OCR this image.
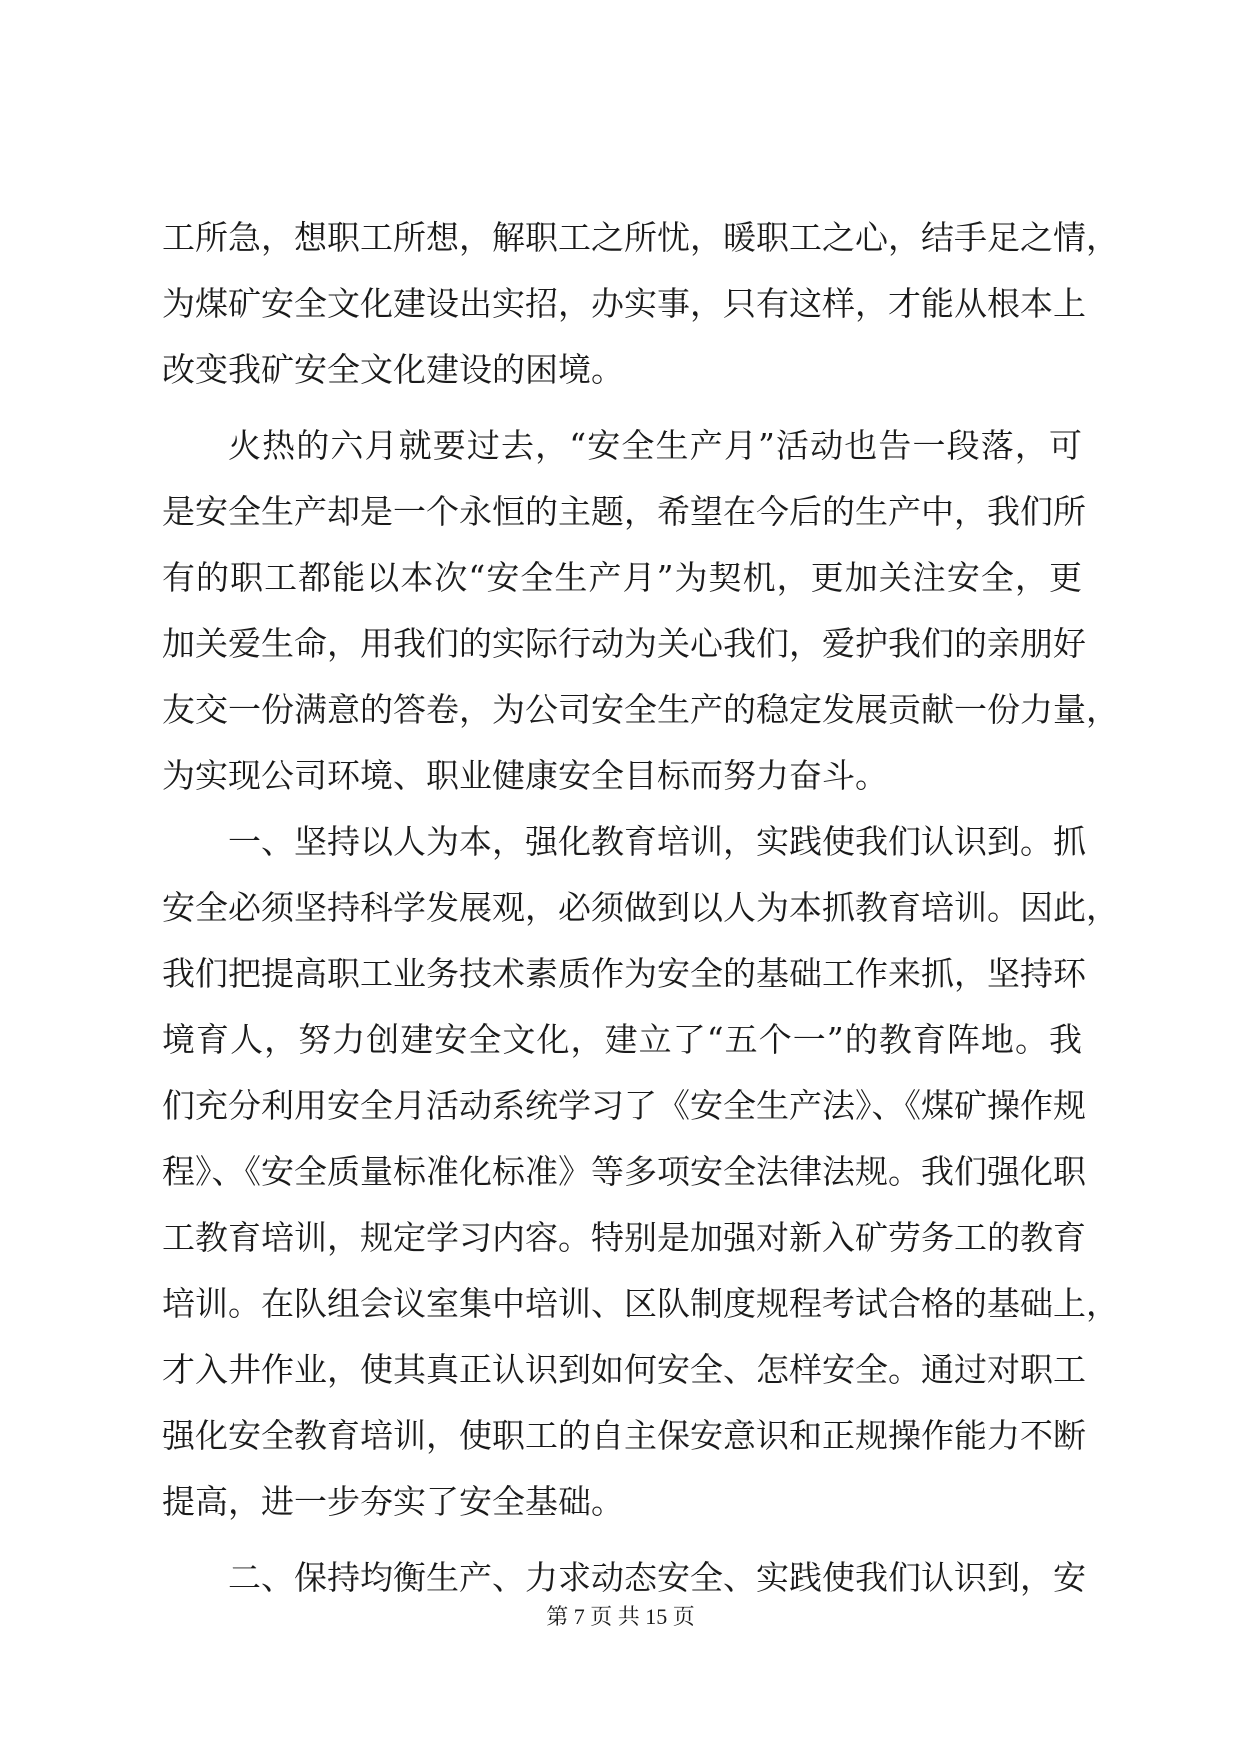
工所急，想职工所想，解职工之所忧，暖职工之心，结手足之情，
为煤矿安全文化建设出实招，办实事，只有这样，才能从根本上
改变我矿安全文化建设的困境。
火热的六月就要过去，“安全生产月”活动也告一段落，可
是安全生产却是一个永恒的主题，希望在今后的生产中，我们所
有的职工都能以本次“安全生产月”为契机，更加关注安全，更
加关爱生命，用我们的实际行动为关心我们，爱护我们的亲朋好
友交一份满意的答卷，为公司安全生产的稳定发展贡献一份力量，
为实现公司环境、职业健康安全目标而努力奋斗。
一、坚持以人为本，强化教育培训，实践使我们认识到。抓
安全必须坚持科学发展观，必须做到以人为本抓教育培训。因此，
我们把提高职工业务技术素质作为安全的基础工作来抓，坚持环
境育人，努力创建安全文化，建立了“五个一”的教育阵地。我
们充分利用安全月活动系统学习了《安全生产法》、《煤矿操作规
程》、《安全质量标准化标准》等多项安全法律法规。我们强化职
工教育培训，规定学习内容。特别是加强对新入矿劳务工的教育
培训。在队组会议室集中培训、区队制度规程考试合格的基础上，
才入井作业，使其真正认识到如何安全、怎样安全。通过对职工
强化安全教育培训，使职工的自主保安意识和正规操作能力不断
提高，进一步夯实了安全基础。
二、保持均衡生产、力求动态安全、实践使我们认识到，安
第 7 页 共 15 页
